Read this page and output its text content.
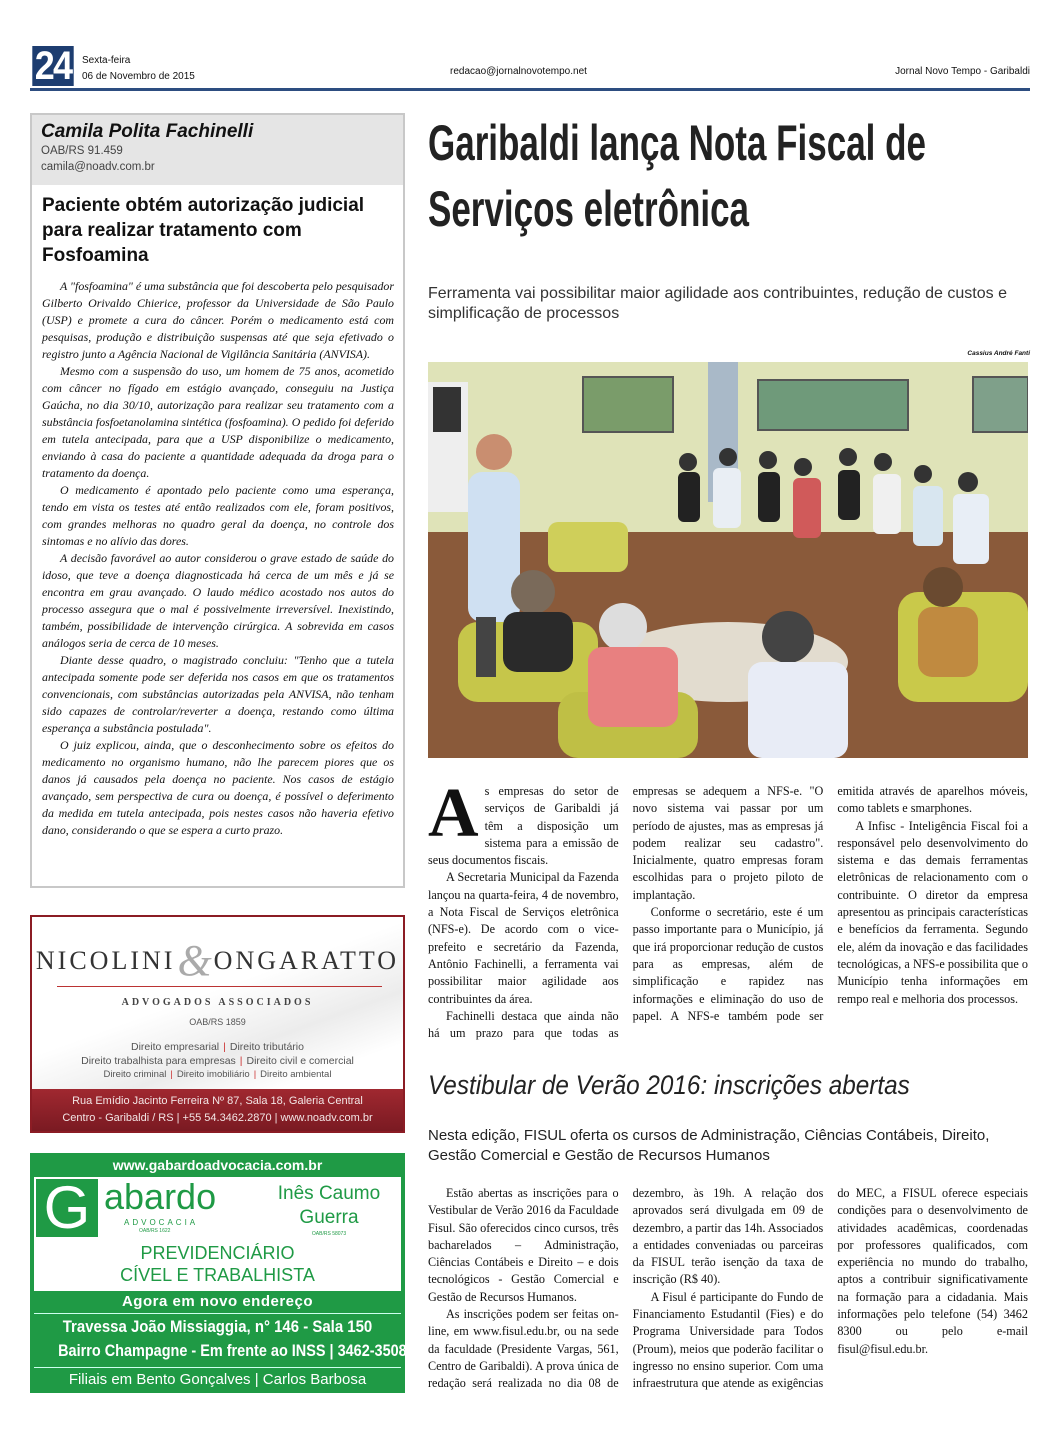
24 Sexta-feira
06 de Novembro de 2015	redacao@jornalnovotempo.net	Jornal Novo Tempo - Garibaldi
Camila Polita Fachinelli
OAB/RS 91.459
camila@noadv.com.br
Paciente obtém autorização judicial para realizar tratamento com Fosfoamina

A "fosfoamina" é uma substância que foi descoberta pelo pesquisador Gilberto Orivaldo Chierice, professor da Universidade de São Paulo (USP) e promete a cura do câncer. Porém o medicamento está com pesquisas, produção e distribuição suspensas até que seja efetivado o registro junto a Agência Nacional de Vigilância Sanitária (ANVISA).

Mesmo com a suspensão do uso, um homem de 75 anos, acometido com câncer no fígado em estágio avançado, conseguiu na Justiça Gaúcha, no dia 30/10, autorização para realizar seu tratamento com a substância fosfoetanolamina sintética (fosfoamina). O pedido foi deferido em tutela antecipada, para que a USP disponibilize o medicamento, enviando à casa do paciente a quantidade adequada da droga para o tratamento da doença.

O medicamento é apontado pelo paciente como uma esperança, tendo em vista os testes até então realizados com ele, foram positivos, com grandes melhoras no quadro geral da doença, no controle dos sintomas e no alívio das dores.

A decisão favorável ao autor considerou o grave estado de saúde do idoso, que teve a doença diagnosticada há cerca de um mês e já se encontra em grau avançado. O laudo médico acostado nos autos do processo assegura que o mal é possivelmente irreversível. Inexistindo, também, possibilidade de intervenção cirúrgica. A sobrevida em casos análogos seria de cerca de 10 meses.

Diante desse quadro, o magistrado concluiu: "Tenho que a tutela antecipada somente pode ser deferida nos casos em que os tratamentos convencionais, com substâncias autorizadas pela ANVISA, não tenham sido capazes de controlar/reverter a doença, restando como última esperança a substância postulada".

O juiz explicou, ainda, que o desconhecimento sobre os efeitos do medicamento no organismo humano, não lhe parecem piores que os danos já causados pela doença no paciente. Nos casos de estágio avançado, sem perspectiva de cura ou doença, é possível o deferimento da medida em tutela antecipada, pois nestes casos não haveria efetivo dano, considerando o que se espera a curto prazo.

Garibaldi lança Nota Fiscal de Serviços eletrônica
Ferramenta vai possibilitar maior agilidade aos contribuintes, redução de custos e simplificação de processos
Cassius André Fanti
A s empresas do setor de serviços de Garibaldi já têm a disposição um sistema para a emissão de seus documentos fiscais.

A Secretaria Municipal da Fazenda lançou na quarta-feira, 4 de novembro, a Nota Fiscal de Serviços eletrônica (NFS-e). De acordo com o vice-prefeito e secretário da Fazenda, Antônio Fachinelli, a ferramenta vai possibilitar maior agilidade aos contribuintes da área.

Fachinelli destaca que ainda não há um prazo para que todas as empresas se adequem a NFS-e. "O novo sistema vai passar por um período de ajustes, mas as empresas já podem realizar seu cadastro". Inicialmente, quatro empresas foram escolhidas para o projeto piloto de implantação.

Conforme o secretário, este é um passo importante para o Município, já que irá proporcionar redução de custos para as empresas, além de simplificação e rapidez nas informações e eliminação do uso de papel. A NFS-e também pode ser emitida através de aparelhos móveis, como tablets e smarphones.

A Infisc - Inteligência Fiscal foi a responsável pelo desenvolvimento do sistema e das demais ferramentas eletrônicas de relacionamento com o contribuinte. O diretor da empresa apresentou as principais características e benefícios da ferramenta. Segundo ele, além da inovação e das facilidades tecnológicas, a NFS-e possibilita que o Município tenha informações em rempo real e melhoria dos processos.

Vestibular de Verão 2016: inscrições abertas
Nesta edição, FISUL oferta os cursos de Administração, Ciências Contábeis, Direito, Gestão Comercial e Gestão de Recursos Humanos

Estão abertas as inscrições para o Vestibular de Verão 2016 da Faculdade Fisul. São oferecidos cinco cursos, três bacharelados – Administração, Ciências Contábeis e Direito – e dois tecnológicos - Gestão Comercial e Gestão de Recursos Humanos.

As inscrições podem ser feitas on-line, em www.fisul.edu.br, ou na sede da faculdade (Presidente Vargas, 561, Centro de Garibaldi). A prova única de redação será realizada no dia 08 de dezembro, às 19h. A relação dos aprovados será divulgada em 09 de dezembro, a partir das 14h. Associados a entidades conveniadas ou parceiras da FISUL terão isenção da taxa de inscrição (R$ 40).

A Fisul é participante do Fundo de Financiamento Estudantil (Fies) e do Programa Universidade para Todos (Proum), meios que poderão facilitar o ingresso no ensino superior. Com uma infraestrutura que atende as exigências do MEC, a FISUL oferece especiais condições para o desenvolvimento de atividades acadêmicas, coordenadas por professores qualificados, com experiência no mundo do trabalho, aptos a contribuir significativamente na formação para a cidadania. Mais informações pelo telefone (54) 3462 8300 ou pelo e-mail fisul@fisul.edu.br.

NICOLINI & ONGARATTO
ADVOGADOS ASSOCIADOS
OAB/RS 1859
Direito empresarial | Direito tributário
Direito trabalhista para empresas | Direito civil e comercial
Direito criminal | Direito imobiliário | Direito ambiental
Rua Emídio Jacinto Ferreira Nº 87, Sala 18, Galeria Central
Centro - Garibaldi / RS | +55 54.3462.2870 | www.noadv.com.br
www.gabardoadvocacia.com.br
G abardo
ADVOCACIA
OAB/RS 1622
Inês Caumo
Guerra
OAB/RS 58073
PREVIDENCIÁRIO
CÍVEL E TRABALHISTA
Agora em novo endereço
Travessa João Missiaggia, n° 146 - Sala 150
Bairro Champagne - Em frente ao INSS | 3462-3508
Filiais em Bento Gonçalves | Carlos Barbosa
